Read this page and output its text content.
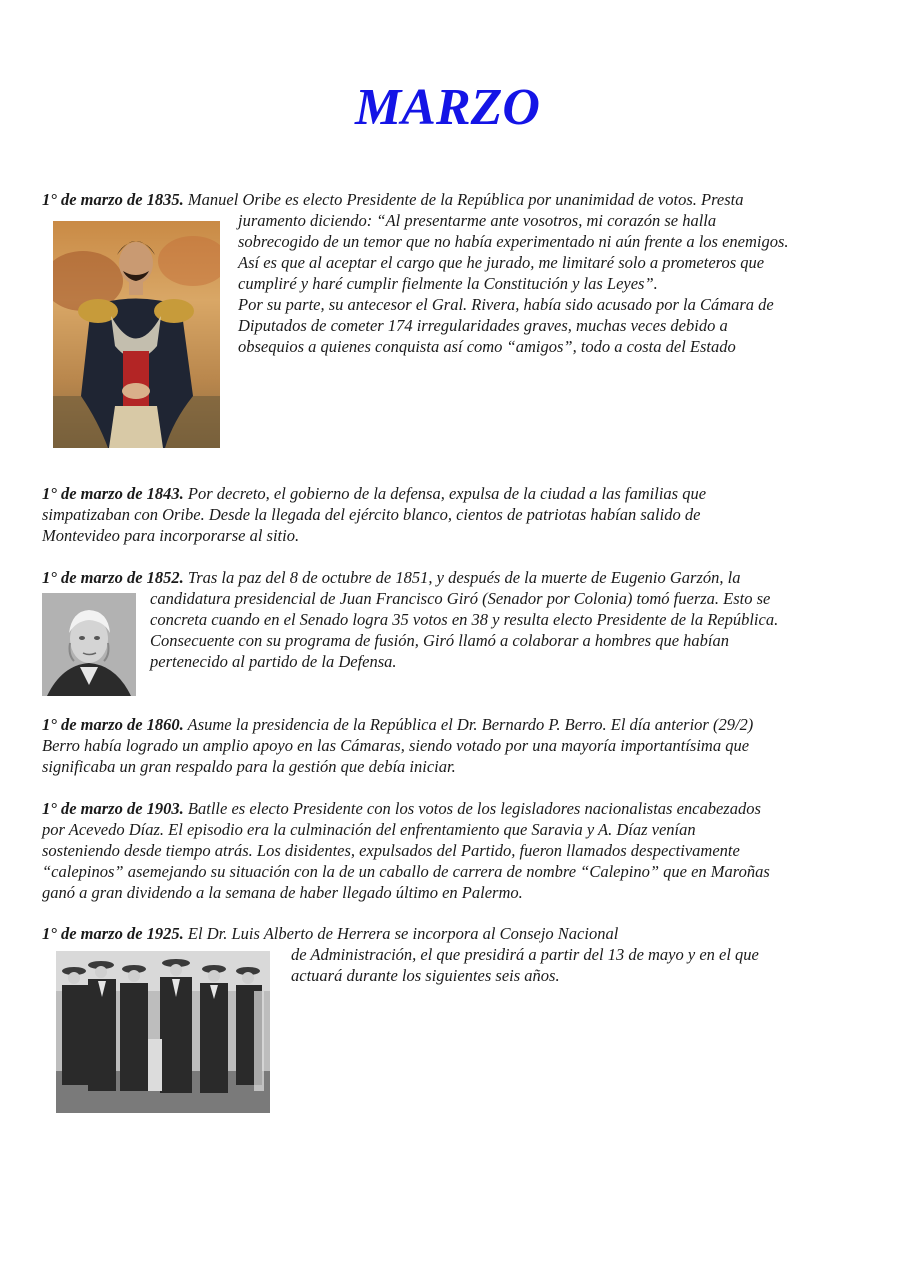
MARZO
1° de marzo de 1835. Manuel Oribe es electo Presidente de la República por unanimidad de votos. Presta
juramento diciendo: “Al presentarme ante vosotros, mi corazón se halla
sobrecogido de un temor que no había experimentado ni aún frente a los enemigos.
Así es que al aceptar el cargo que he jurado, me limitaré solo a prometeros que
cumpliré y haré cumplir fielmente la Constitución y las Leyes”.
Por su parte, su antecesor el Gral. Rivera, había sido acusado por la Cámara de
Diputados de cometer 174 irregularidades graves, muchas veces debido a
obsequios a quienes conquista así como “amigos”, todo a costa del Estado
1° de marzo de 1843. Por decreto, el gobierno de la defensa, expulsa de la ciudad a las familias que
simpatizaban con Oribe. Desde la llegada del ejército blanco, cientos de patriotas habían salido de
Montevideo para incorporarse al sitio.
1° de marzo de 1852. Tras la paz del 8 de octubre de 1851, y después de la muerte de Eugenio Garzón, la
candidatura presidencial de Juan Francisco Giró (Senador por Colonia) tomó fuerza. Esto se
concreta cuando en el Senado logra 35 votos en 38 y resulta electo Presidente de la República.
Consecuente con su programa de fusión, Giró llamó a colaborar a hombres que habían
pertenecido al partido de la Defensa.
1° de marzo de 1860. Asume la presidencia de la República el Dr. Bernardo P. Berro. El día anterior (29/2)
Berro había logrado un amplio apoyo en las Cámaras, siendo votado por una mayoría importantísima que
significaba un gran respaldo para la gestión que debía iniciar.
1° de marzo de 1903. Batlle es electo Presidente con los votos de los legisladores nacionalistas encabezados
por Acevedo Díaz. El episodio era la culminación del enfrentamiento que Saravia y A. Díaz venían
sosteniendo desde tiempo atrás. Los disidentes, expulsados del Partido, fueron llamados despectivamente
“calepinos” asemejando su situación con la de un caballo de carrera de nombre “Calepino” que en Maroñas
ganó a gran dividendo a la semana de haber llegado último en Palermo.
1° de marzo de 1925. El Dr. Luis Alberto de Herrera se incorpora al Consejo Nacional
de Administración, el que presidirá a partir del 13 de mayo y en el que
actuará durante los siguientes seis años.
